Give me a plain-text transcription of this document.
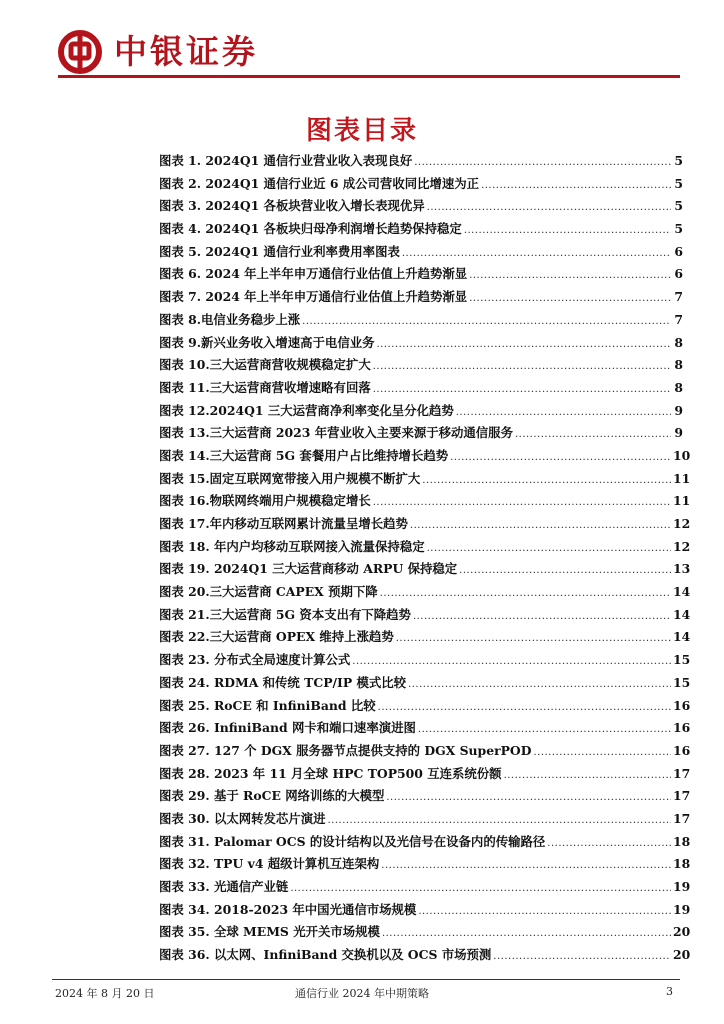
中银证券
图表目录
图表 1. 2024Q1 通信行业营业收入表现良好 .....	5
图表 2. 2024Q1 通信行业近 6 成公司营收同比增速为正 .....	5
图表 3. 2024Q1 各板块营业收入增长表现优异 .....	5
图表 4. 2024Q1 各板块归母净利润增长趋势保持稳定 .....	5
图表 5. 2024Q1 通信行业利率费用率图表 .....	6
图表 6. 2024 年上半年申万通信行业估值上升趋势渐显 .....	6
图表 7. 2024 年上半年申万通信行业估值上升趋势渐显 .....	7
图表 8.电信业务稳步上涨 .....	7
图表 9.新兴业务收入增速高于电信业务 .....	8
图表 10.三大运营商营收规模稳定扩大 .....	8
图表 11.三大运营商营收增速略有回落 .....	8
图表 12.2024Q1 三大运营商净利率变化呈分化趋势 .....	9
图表 13.三大运营商 2023 年营业收入主要来源于移动通信服务 .....	9
图表 14.三大运营商 5G 套餐用户占比维持增长趋势 .....	10
图表 15.固定互联网宽带接入用户规模不断扩大 .....	11
图表 16.物联网终端用户规模稳定增长 .....	11
图表 17.年内移动互联网累计流量呈增长趋势 .....	12
图表 18. 年内户均移动互联网接入流量保持稳定 .....	12
图表 19. 2024Q1 三大运营商移动 ARPU 保持稳定 .....	13
图表 20.三大运营商 CAPEX 预期下降 .....	14
图表 21.三大运营商 5G 资本支出有下降趋势 .....	14
图表 22.三大运营商 OPEX 维持上涨趋势 .....	14
图表 23. 分布式全局速度计算公式 .....	15
图表 24. RDMA 和传统 TCP/IP 模式比较 .....	15
图表 25. RoCE 和 InfiniBand 比较 .....	16
图表 26. InfiniBand 网卡和端口速率演进图 .....	16
图表 27. 127 个 DGX 服务器节点提供支持的 DGX SuperPOD .....	16
图表 28. 2023 年 11 月全球 HPC TOP500 互连系统份额 .....	17
图表 29. 基于 RoCE 网络训练的大模型 .....	17
图表 30. 以太网转发芯片演进 .....	17
图表 31. Palomar OCS 的设计结构以及光信号在设备内的传输路径 .....	18
图表 32. TPU v4 超级计算机互连架构 .....	18
图表 33. 光通信产业链 .....	19
图表 34. 2018-2023 年中国光通信市场规模 .....	19
图表 35. 全球 MEMS 光开关市场规模 .....	20
图表 36. 以太网、InfiniBand 交换机以及 OCS 市场预测 .....	20
2024 年 8 月 20 日	通信行业 2024 年中期策略	3
